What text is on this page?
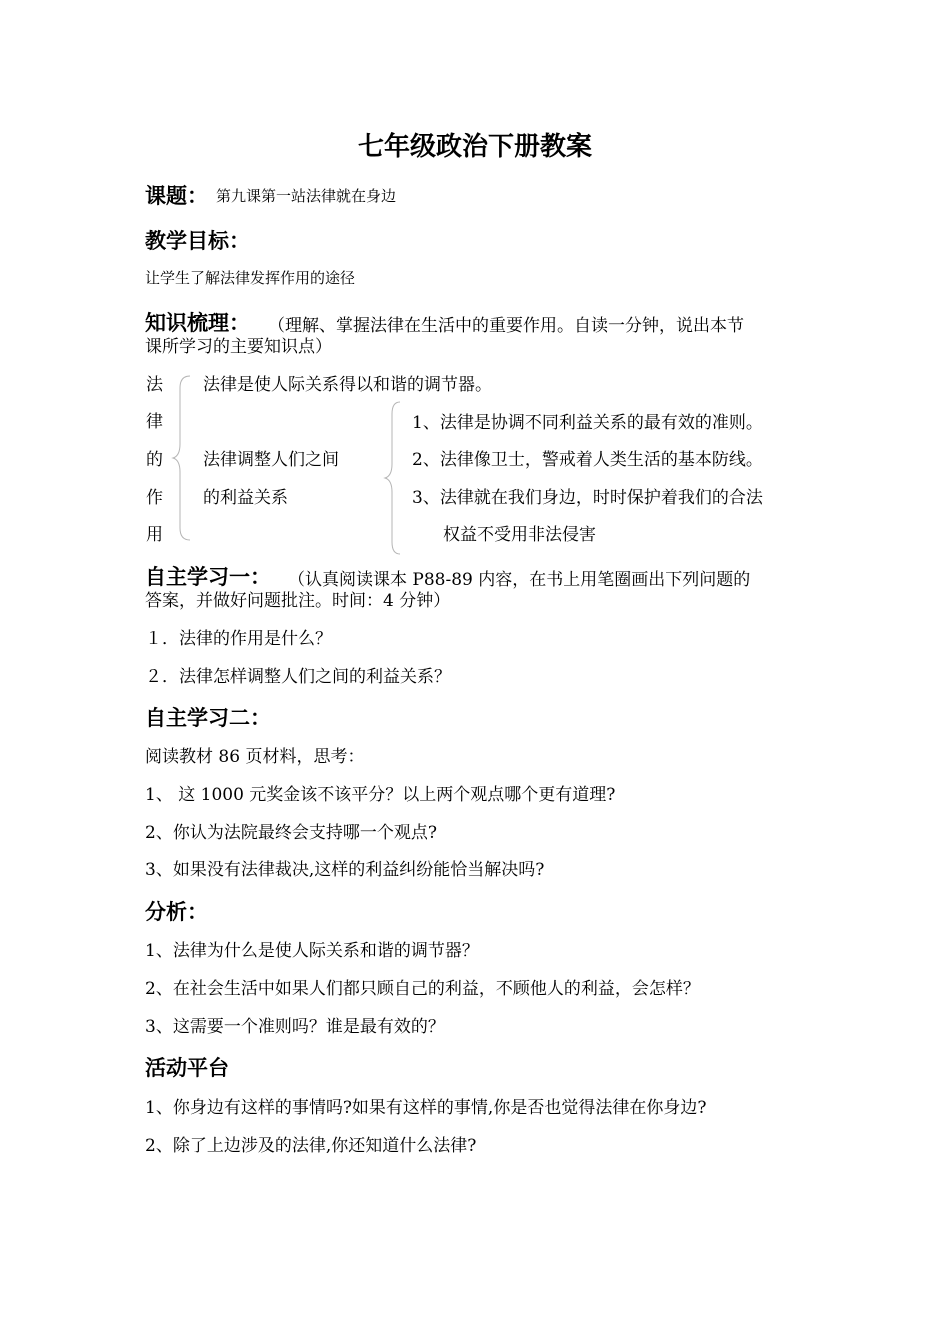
七年级政治下册教案
课题： 第九课第一站法律就在身边
教学目标：
让学生了解法律发挥作用的途径
知识梳理： （理解、掌握法律在生活中的重要作用。自读一分钟，说出本节
课所学习的主要知识点）
法
律
的
作
用
法律是使人际关系得以和谐的调节器。
法律调整人们之间
的利益关系
1、法律是协调不同利益关系的最有效的准则。
2、法律像卫士，警戒着人类生活的基本防线。
3、法律就在我们身边，时时保护着我们的合法
权益不受用非法侵害
自主学习一： （认真阅读课本 P88-89 内容，在书上用笔圈画出下列问题的
答案，并做好问题批注。时间：4 分钟）
１．法律的作用是什么？
２．法律怎样调整人们之间的利益关系？
自主学习二：
阅读教材 86 页材料，思考：
1、 这 1000 元奖金该不该平分？以上两个观点哪个更有道理?
2、你认为法院最终会支持哪一个观点?
3、如果没有法律裁决,这样的利益纠纷能恰当解决吗?
分析：
1、法律为什么是使人际关系和谐的调节器？
2、在社会生活中如果人们都只顾自己的利益，不顾他人的利益，会怎样？
3、这需要一个准则吗？谁是最有效的？
活动平台
1、你身边有这样的事情吗?如果有这样的事情,你是否也觉得法律在你身边?
2、除了上边涉及的法律,你还知道什么法律?
